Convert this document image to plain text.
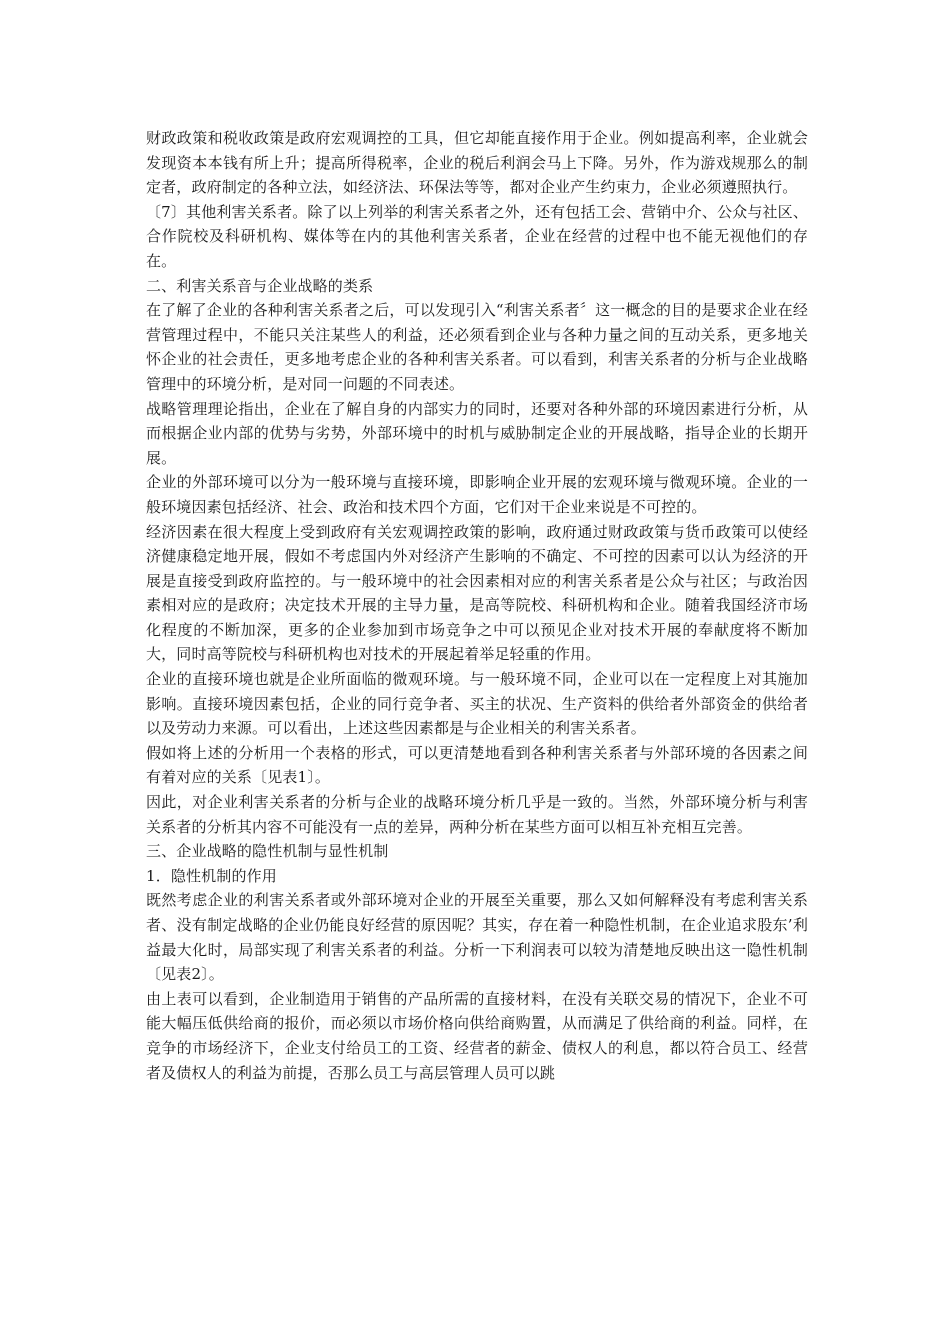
财政政策和税收政策是政府宏观调控的工具，但它却能直接作用于企业。例如提高利率，企业就会发现资本本钱有所上升；提高所得税率，企业的税后利润会马上下降。另外，作为游戏规那么的制定者，政府制定的各种立法，如经济法、环保法等等，都对企业产生约束力，企业必须遵照执行。

〔7〕其他利害关系者。除了以上列举的利害关系者之外，还有包括工会、营销中介、公众与社区、合作院校及科研机构、媒体等在内的其他利害关系者，企业在经营的过程中也不能无视他们的存在。

二、利害关系音与企业战略的类系

在了解了企业的各种利害关系者之后，可以发现引入“利害关系者〞这一概念的目的是要求企业在经营管理过程中，不能只关注某些人的利益，还必须看到企业与各种力量之间的互动关系，更多地关怀企业的社会责任，更多地考虑企业的各种利害关系者。可以看到，利害关系者的分析与企业战略管理中的环境分析，是对同一问题的不同表述。

战略管理理论指出，企业在了解自身的内部实力的同时，还要对各种外部的环境因素进行分析，从而根据企业内部的优势与劣势，外部环境中的时机与威胁制定企业的开展战略，指导企业的长期开展。

企业的外部环境可以分为一般环境与直接环境，即影响企业开展的宏观环境与微观环境。企业的一般环境因素包括经济、社会、政治和技术四个方面，它们对干企业来说是不可控的。

经济因素在很大程度上受到政府有关宏观调控政策的影响，政府通过财政政策与货币政策可以使经济健康稳定地开展，假如不考虑国内外对经济产生影响的不确定、不可控的因素可以认为经济的开展是直接受到政府监控的。与一般环境中的社会因素相对应的利害关系者是公众与社区；与政治因素相对应的是政府；决定技术开展的主导力量，是高等院校、科研机构和企业。随着我国经济市场化程度的不断加深，更多的企业参加到市场竞争之中可以预见企业对技术开展的奉献度将不断加大，同时高等院校与科研机构也对技术的开展起着举足轻重的作用。

企业的直接环境也就是企业所面临的微观环境。与一般环境不同，企业可以在一定程度上对其施加影响。直接环境因素包括，企业的同行竞争者、买主的状况、生产资料的供给者外部资金的供给者以及劳动力来源。可以看出，上述这些因素都是与企业相关的利害关系者。

假如将上述的分析用一个表格的形式，可以更清楚地看到各种利害关系者与外部环境的各因素之间有着对应的关系〔见表1〕。

因此，对企业利害关系者的分析与企业的战略环境分析几乎是一致的。当然，外部环境分析与利害关系者的分析其内容不可能没有一点的差异，两种分析在某些方面可以相互补充相互完善。

三、企业战略的隐性机制与显性机制

1．隐性机制的作用

既然考虑企业的利害关系者或外部环境对企业的开展至关重要，那么又如何解释没有考虑利害关系者、没有制定战略的企业仍能良好经营的原因呢？其实，存在着一种隐性机制，在企业追求股东’利益最大化时，局部实现了利害关系者的利益。分析一下利润表可以较为清楚地反映出这一隐性机制〔见表2〕。

由上表可以看到，企业制造用于销售的产品所需的直接材料，在没有关联交易的情况下，企业不可能大幅压低供给商的报价，而必须以市场价格向供给商购置，从而满足了供给商的利益。同样，在竞争的市场经济下，企业支付给员工的工资、经营者的薪金、债权人的利息，都以符合员工、经营者及债权人的利益为前提，否那么员工与高层管理人员可以跳
